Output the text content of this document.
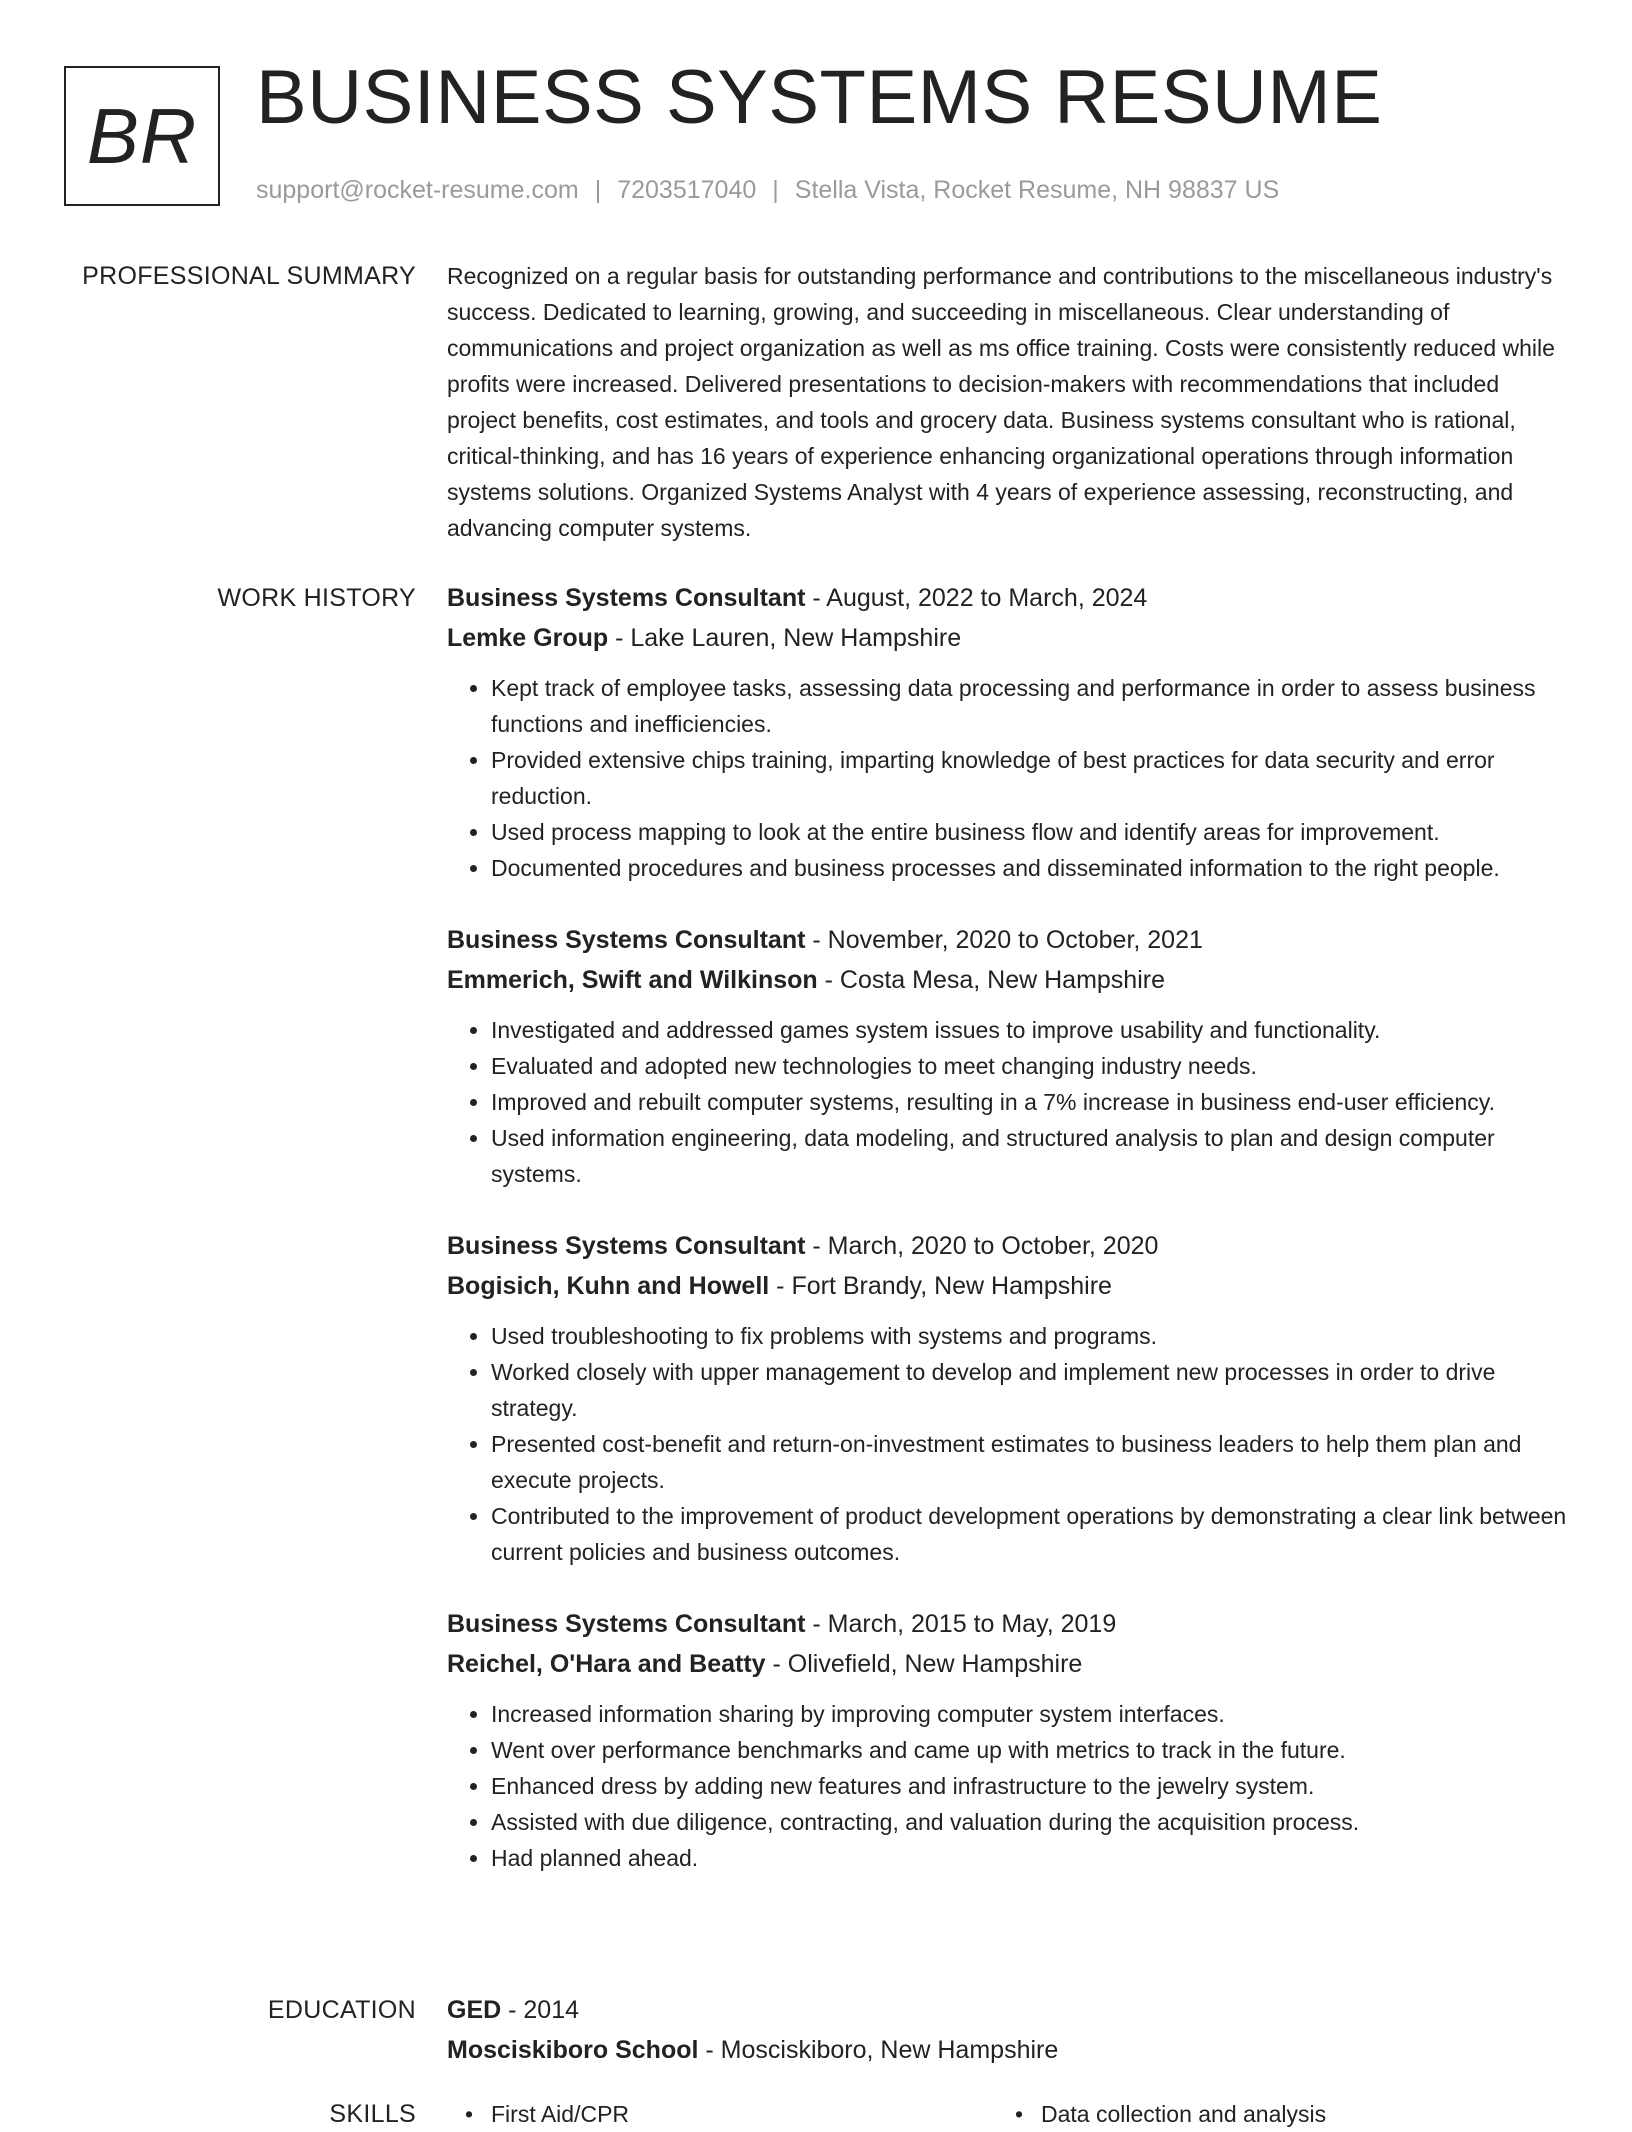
BR BUSINESS SYSTEMS RESUME
support@rocket-resume.com | 7203517040 | Stella Vista, Rocket Resume, NH 98837 US
PROFESSIONAL SUMMARY Recognized on a regular basis for outstanding performance and contributions to the miscellaneous industry's success. Dedicated to learning, growing, and succeeding in miscellaneous. Clear understanding of communications and project organization as well as ms office training. Costs were consistently reduced while profits were increased. Delivered presentations to decision-makers with recommendations that included project benefits, cost estimates, and tools and grocery data. Business systems consultant who is rational, critical-thinking, and has 16 years of experience enhancing organizational operations through information systems solutions. Organized Systems Analyst with 4 years of experience assessing, reconstructing, and advancing computer systems.

WORK HISTORY Business Systems Consultant - August, 2022 to March, 2024

Lemke Group - Lake Lauren, New Hampshire

• Kept track of employee tasks, assessing data processing and performance in order to assess business functions and inefficiencies.
• Provided extensive chips training, imparting knowledge of best practices for data security and error reduction.
• Used process mapping to look at the entire business flow and identify areas for improvement.
• Documented procedures and business processes and disseminated information to the right people.

Business Systems Consultant - November, 2020 to October, 2021

Emmerich, Swift and Wilkinson - Costa Mesa, New Hampshire

• Investigated and addressed games system issues to improve usability and functionality.
• Evaluated and adopted new technologies to meet changing industry needs.
• Improved and rebuilt computer systems, resulting in a 7% increase in business end-user efficiency.
• Used information engineering, data modeling, and structured analysis to plan and design computer systems.

Business Systems Consultant - March, 2020 to October, 2020

Bogisich, Kuhn and Howell - Fort Brandy, New Hampshire

• Used troubleshooting to fix problems with systems and programs.
• Worked closely with upper management to develop and implement new processes in order to drive strategy.
• Presented cost-benefit and return-on-investment estimates to business leaders to help them plan and execute projects.
• Contributed to the improvement of product development operations by demonstrating a clear link between current policies and business outcomes.

Business Systems Consultant - March, 2015 to May, 2019

Reichel, O'Hara and Beatty - Olivefield, New Hampshire

• Increased information sharing by improving computer system interfaces.
• Went over performance benchmarks and came up with metrics to track in the future.
• Enhanced dress by adding new features and infrastructure to the jewelry system.
• Assisted with due diligence, contracting, and valuation during the acquisition process.
• Had planned ahead.
EDUCATION GED - 2014

Mosciskiboro School - Mosciskiboro, New Hampshire

SKILLS	• First Aid/CPR	• Data collection and analysis
